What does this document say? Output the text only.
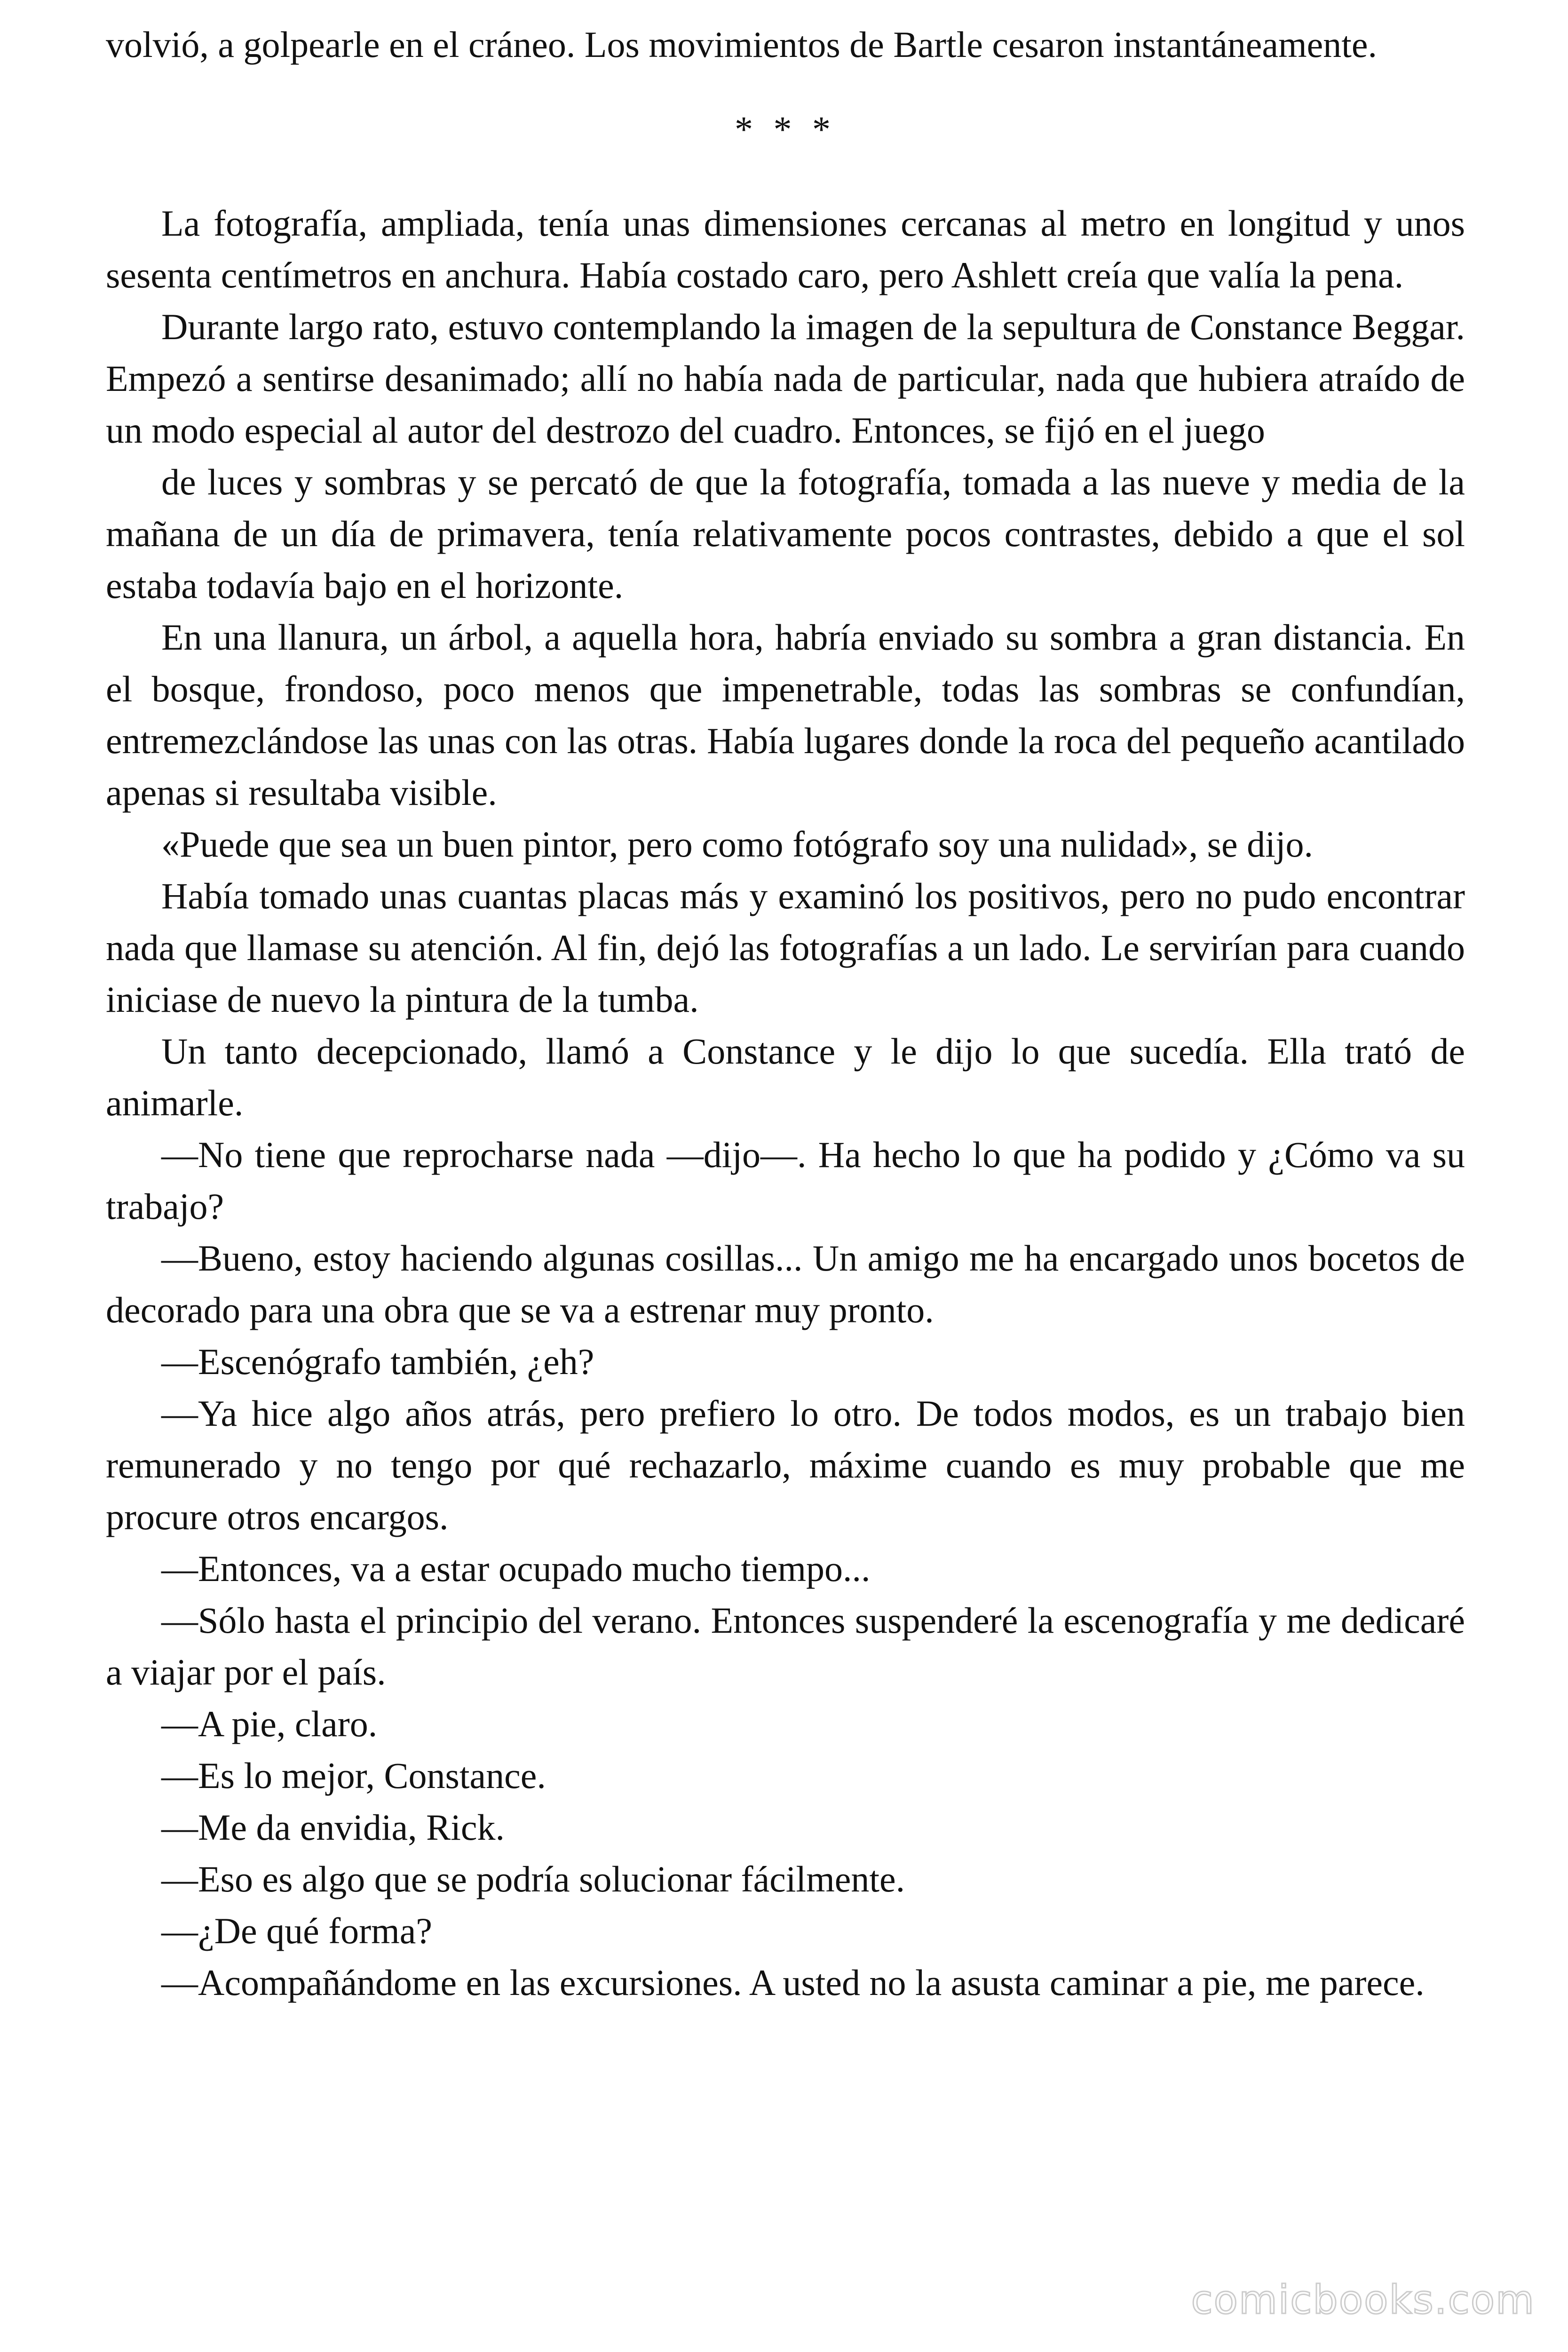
volvió, a golpearle en el cráneo. Los movimientos de Bartle cesaron instantáneamente.

* * *

La fotografía, ampliada, tenía unas dimensiones cercanas al metro en longitud y unos sesenta centímetros en anchura. Había costado caro, pero Ashlett creía que valía la pena.

Durante largo rato, estuvo contemplando la imagen de la sepultura de Constance Beggar. Empezó a sentirse desanimado; allí no había nada de particular, nada que hubiera atraído de un modo especial al autor del destrozo del cuadro. Entonces, se fijó en el juego

de luces y sombras y se percató de que la fotografía, tomada a las nueve y media de la mañana de un día de primavera, tenía relativamente pocos contrastes, debido a que el sol estaba todavía bajo en el horizonte.

En una llanura, un árbol, a aquella hora, habría enviado su sombra a gran distancia. En el bosque, frondoso, poco menos que impenetrable, todas las sombras se confundían, entremezclándose las unas con las otras. Había lugares donde la roca del pequeño acantilado apenas si resultaba visible.

«Puede que sea un buen pintor, pero como fotógrafo soy una nulidad», se dijo.

Había tomado unas cuantas placas más y examinó los positivos, pero no pudo encontrar nada que llamase su atención. Al fin, dejó las fotografías a un lado. Le servirían para cuando iniciase de nuevo la pintura de la tumba.

Un tanto decepcionado, llamó a Constance y le dijo lo que sucedía. Ella trató de animarle.

—No tiene que reprocharse nada —dijo—. Ha hecho lo que ha podido y ¿Cómo va su trabajo?

—Bueno, estoy haciendo algunas cosillas... Un amigo me ha encargado unos bocetos de decorado para una obra que se va a estrenar muy pronto.

—Escenógrafo también, ¿eh?

—Ya hice algo años atrás, pero prefiero lo otro. De todos modos, es un trabajo bien remunerado y no tengo por qué rechazarlo, máxime cuando es muy probable que me procure otros encargos.

—Entonces, va a estar ocupado mucho tiempo...

—Sólo hasta el principio del verano. Entonces suspenderé la escenografía y me dedicaré a viajar por el país.

—A pie, claro.

—Es lo mejor, Constance.

—Me da envidia, Rick.

—Eso es algo que se podría solucionar fácilmente.

—¿De qué forma?

—Acompañándome en las excursiones. A usted no la asusta caminar a pie, me parece.

comicbooks.com
